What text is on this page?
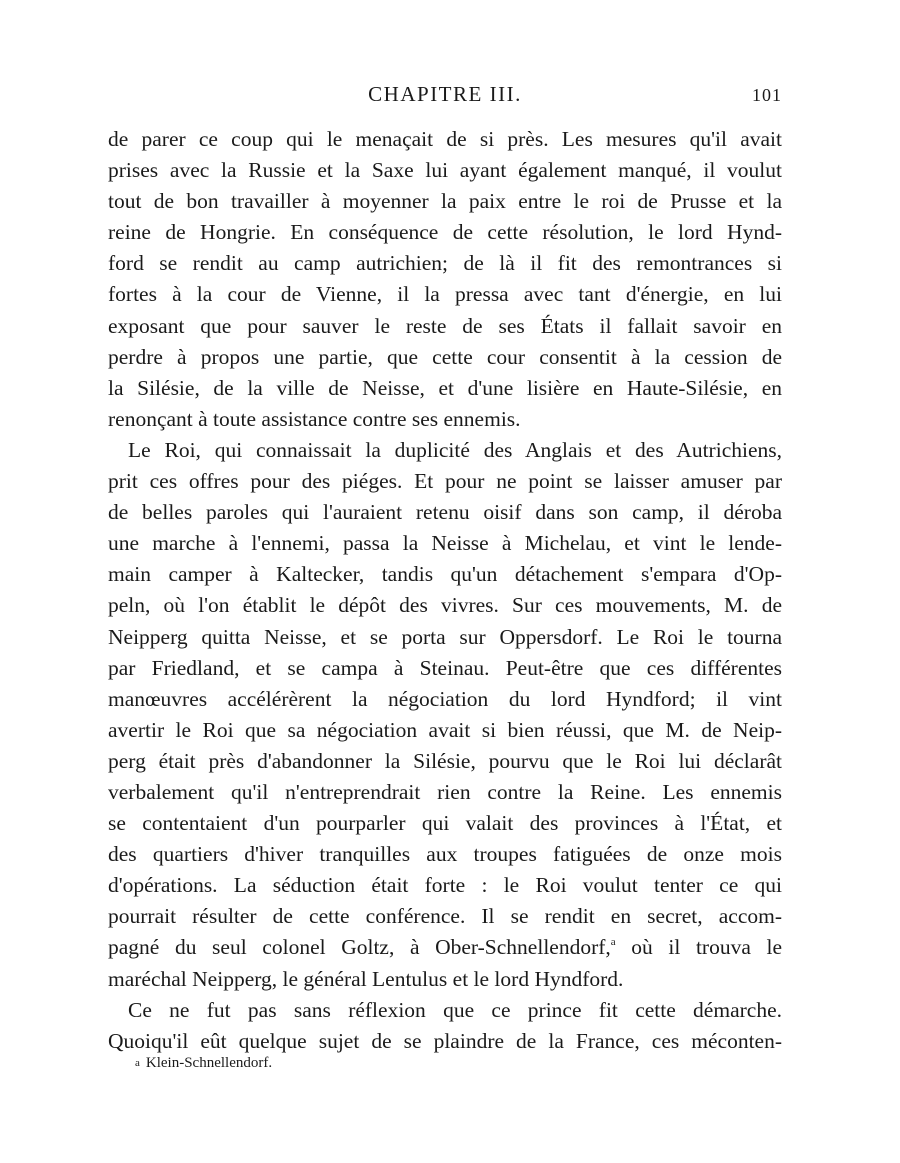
CHAPITRE III.	101
de parer ce coup qui le menaçait de si près. Les mesures qu'il avait
prises avec la Russie et la Saxe lui ayant également manqué, il voulut
tout de bon travailler à moyenner la paix entre le roi de Prusse et la
reine de Hongrie. En conséquence de cette résolution, le lord Hynd-
ford se rendit au camp autrichien; de là il fit des remontrances si
fortes à la cour de Vienne, il la pressa avec tant d'énergie, en lui
exposant que pour sauver le reste de ses États il fallait savoir en
perdre à propos une partie, que cette cour consentit à la cession de
la Silésie, de la ville de Neisse, et d'une lisière en Haute-Silésie, en
renonçant à toute assistance contre ses ennemis.
Le Roi, qui connaissait la duplicité des Anglais et des Autrichiens,
prit ces offres pour des piéges. Et pour ne point se laisser amuser par
de belles paroles qui l'auraient retenu oisif dans son camp, il déroba
une marche à l'ennemi, passa la Neisse à Michelau, et vint le lende-
main camper à Kaltecker, tandis qu'un détachement s'empara d'Op-
peln, où l'on établit le dépôt des vivres. Sur ces mouvements, M. de
Neipperg quitta Neisse, et se porta sur Oppersdorf. Le Roi le tourna
par Friedland, et se campa à Steinau. Peut-être que ces différentes
manœuvres accélérèrent la négociation du lord Hyndford; il vint
avertir le Roi que sa négociation avait si bien réussi, que M. de Neip-
perg était près d'abandonner la Silésie, pourvu que le Roi lui déclarât
verbalement qu'il n'entreprendrait rien contre la Reine. Les ennemis
se contentaient d'un pourparler qui valait des provinces à l'État, et
des quartiers d'hiver tranquilles aux troupes fatiguées de onze mois
d'opérations. La séduction était forte : le Roi voulut tenter ce qui
pourrait résulter de cette conférence. Il se rendit en secret, accom-
pagné du seul colonel Goltz, à Ober-Schnellendorf,$^a$ où il trouva le
maréchal Neipperg, le général Lentulus et le lord Hyndford.
Ce ne fut pas sans réflexion que ce prince fit cette démarche.
Quoiqu'il eût quelque sujet de se plaindre de la France, ces méconten-
a Klein-Schnellendorf.
